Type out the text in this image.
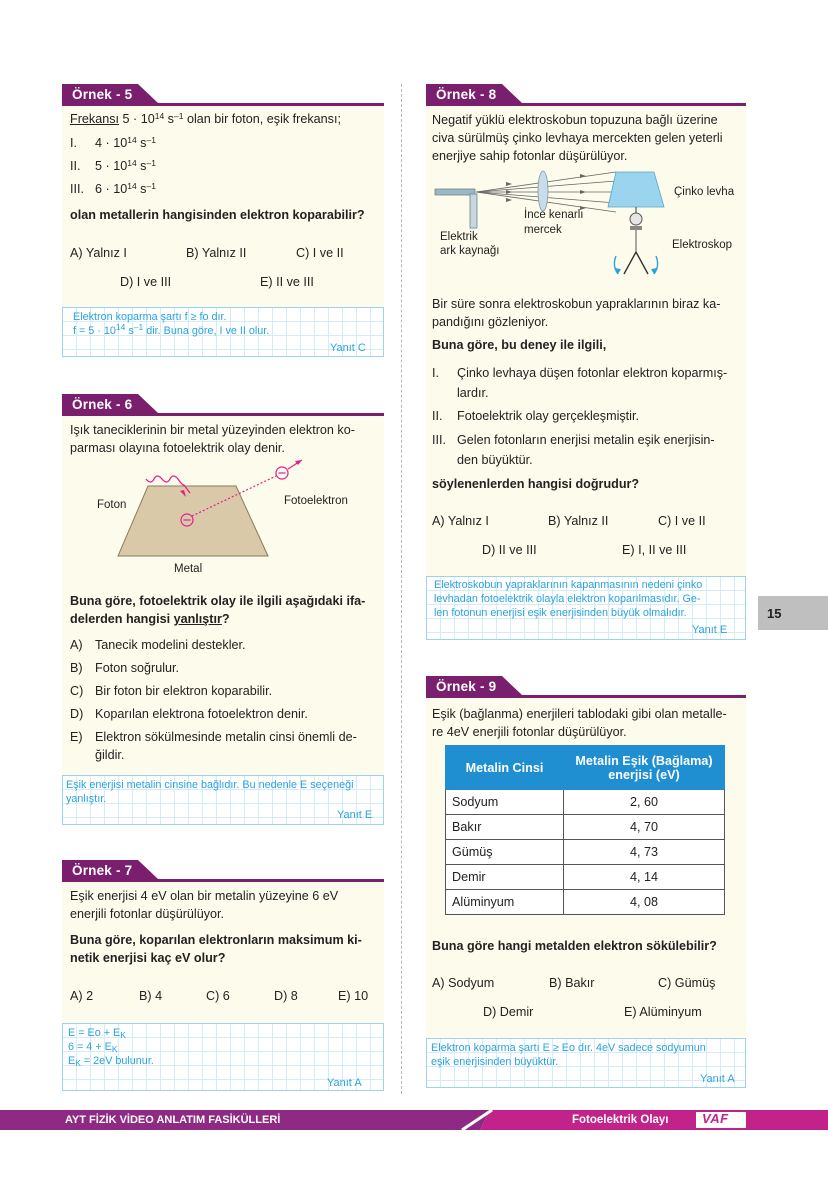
Örnek - 5
Frekansı $5 \cdot 10^{14}$ $s^{-1}$ olan bir foton, eşik frekansı;
I. $4 \cdot 10^{14}$ $s^{-1}$
II. $5 \cdot 10^{14}$ $s^{-1}$
III. $6 \cdot 10^{14}$ $s^{-1}$
olan metallerin hangisinden elektron koparabilir?
A) Yalnız I	B) Yalnız II	C) I ve II
D) I ve III	E) II ve III
Elektron koparma şartı f ≥ fo dır.
$f = 5 \cdot 10^{14}$ $s^{-1}$ dir. Buna göre, I ve II olur.
Yanıt C
Örnek - 6
Işık taneciklerinin bir metal yüzeyinden elektron ko-
parması olayına fotoelektrik olay denir.
Foton	Fotoelektron
Metal
Buna göre, fotoelektrik olay ile ilgili aşağıdaki ifa-
delerden hangisi yanlıştır?
A) Tanecik modelini destekler.
B) Foton soğrulur.
C) Bir foton bir elektron koparabilir.
D) Koparılan elektrona fotoelektron denir.
E) Elektron sökülmesinde metalin cinsi önemli de-
ğildir.
Eşik enerjisi metalin cinsine bağlıdır. Bu nedenle E seçeneği
yanlıştır.
Yanıt E
Örnek - 7
Eşik enerjisi 4 eV olan bir metalin yüzeyine 6 eV
enerjili fotonlar düşürülüyor.
Buna göre, koparılan elektronların maksimum ki-
netik enerjisi kaç eV olur?
A) 2	B) 4	C) 6	D) 8	E) 10
$E = Eo + E_K$
$6 = 4 + E_K$
$E_K = 2eV$ bulunur.
Yanıt A
Örnek - 8
Negatif yüklü elektroskobun topuzuna bağlı üzerine
civa sürülmüş çinko levhaya mercekten gelen yeterli
enerjiye sahip fotonlar düşürülüyor.
Çinko levha
İnce kenarlı
mercek
Elektrik
ark kaynağı	Elektroskop
Bir süre sonra elektroskobun yapraklarının biraz ka-
pandığını gözleniyor.
Buna göre, bu deney ile ilgili,
I. Çinko levhaya düşen fotonlar elektron koparmış-
lardır.
II. Fotoelektrik olay gerçekleşmiştir.
III. Gelen fotonların enerjisi metalin eşik enerjisin-
den büyüktür.
söylenenlerden hangisi doğrudur?
A) Yalnız I	B) Yalnız II	C) I ve II
D) II ve III	E) I, II ve III
Elektroskobun yapraklarının kapanmasının nedeni çinko
levhadan fotoelektrik olayla elektron koparılmasıdır. Ge-
len fotonun enerjisi eşik enerjisinden büyük olmalıdır.
Yanıt E
15
Örnek - 9
Eşik (bağlanma) enerjileri tablodaki gibi olan metalle-
re 4eV enerjili fotonlar düşürülüyor.
Metalin Cinsi	Metalin Eşik (Bağlama)
enerjisi (eV)

Sodyum	2, 60
Bakır	4, 70
Gümüş	4, 73
Demir	4, 14
Alüminyum	4, 08
Buna göre hangi metalden elektron sökülebilir?
A) Sodyum	B) Bakır	C) Gümüş
D) Demir	E) Alüminyum
Elektron koparma şartı E ≥ Eo dır. 4eV sadece sodyumun
eşik enerjisinden büyüktür.
Yanıt A
AYT FİZİK VİDEO ANLATIM FASİKÜLLERİ	Fotoelektrik Olayı	VAF
